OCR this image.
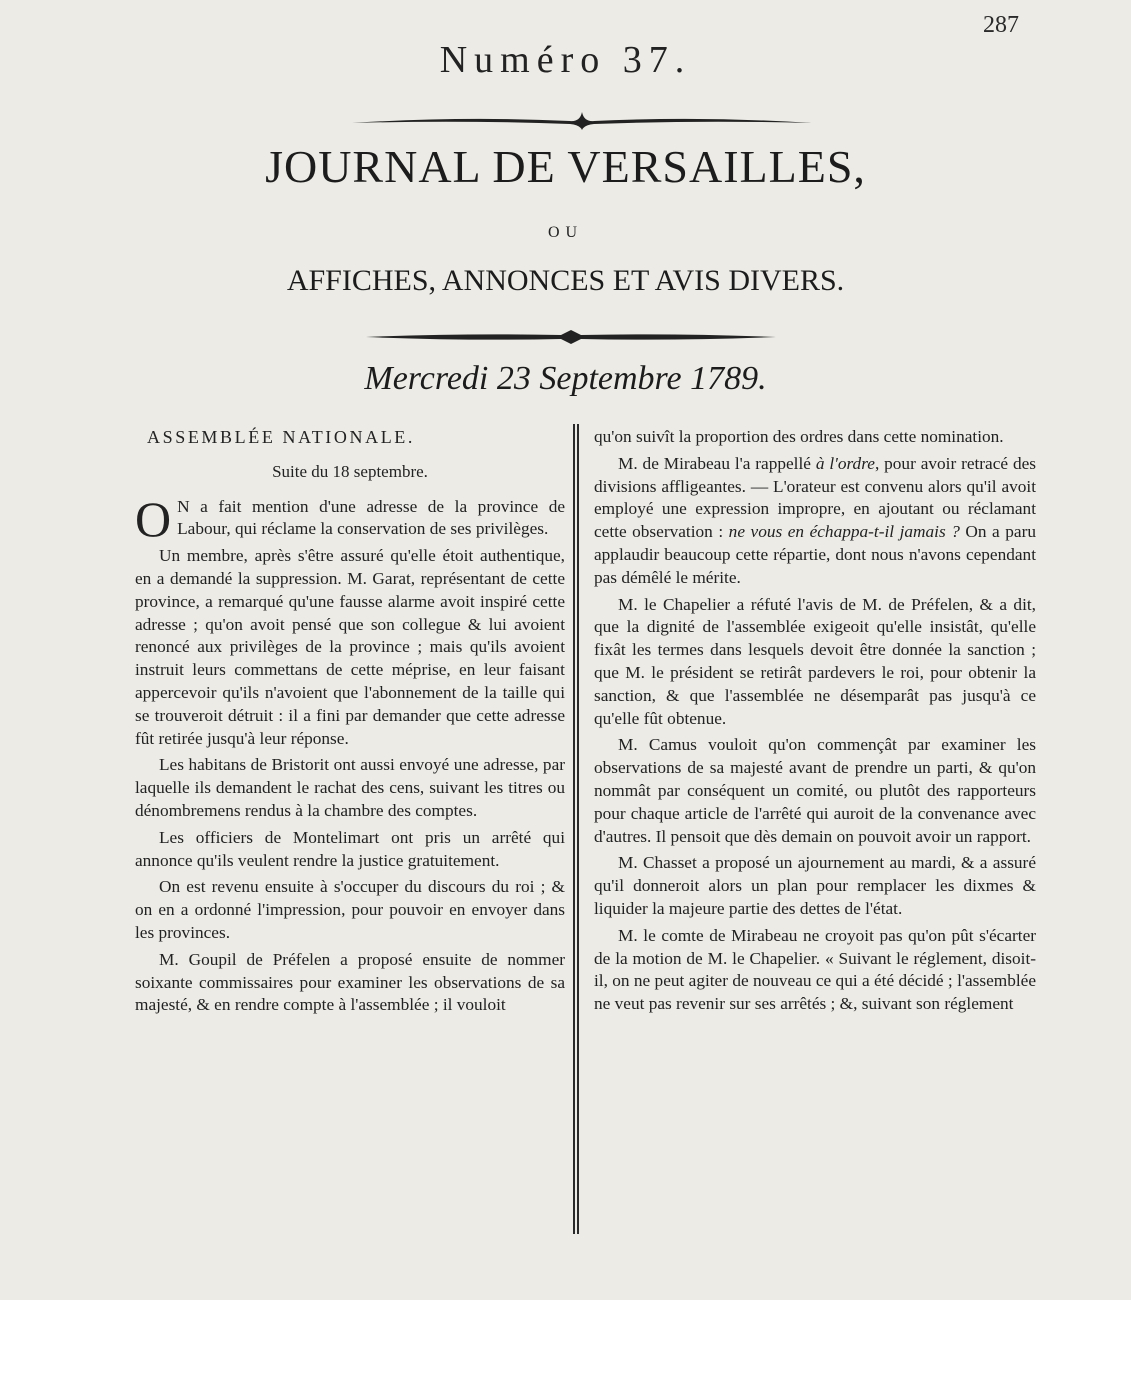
287
Numéro 37.
JOURNAL DE VERSAILLES,
OU
AFFICHES, ANNONCES ET AVIS DIVERS.
Mercredi 23 Septembre 1789.
ASSEMBLÉE NATIONALE.
Suite du 18 septembre.

O N a fait mention d'une adresse de la province de Labour, qui réclame la conservation de ses privilèges.

Un membre, après s'être assuré qu'elle étoit authentique, en a demandé la suppression. M. Garat, représentant de cette province, a remarqué qu'une fausse alarme avoit inspiré cette adresse ; qu'on avoit pensé que son collegue & lui avoient renoncé aux privilèges de la province ; mais qu'ils avoient instruit leurs commettans de cette méprise, en leur faisant appercevoir qu'ils n'avoient que l'abonnement de la taille qui se trouveroit détruit : il a fini par demander que cette adresse fût retirée jusqu'à leur réponse.

Les habitans de Bristorit ont aussi envoyé une adresse, par laquelle ils demandent le rachat des cens, suivant les titres ou dénombremens rendus à la chambre des comptes.

Les officiers de Montelimart ont pris un arrêté qui annonce qu'ils veulent rendre la justice gratuitement.

On est revenu ensuite à s'occuper du discours du roi ; & on en a ordonné l'impression, pour pouvoir en envoyer dans les provinces.

M. Goupil de Préfelen a proposé ensuite de nommer soixante commissaires pour examiner les observations de sa majesté, & en rendre compte à l'assemblée ; il vouloit

qu'on suivît la proportion des ordres dans cette nomination.

M. de Mirabeau l'a rappellé à l'ordre, pour avoir retracé des divisions affligeantes. — L'orateur est convenu alors qu'il avoit employé une expression impropre, en ajoutant ou réclamant cette observation : ne vous en échappa-t-il jamais ? On a paru applaudir beaucoup cette répartie, dont nous n'avons cependant pas démêlé le mérite.

M. le Chapelier a réfuté l'avis de M. de Préfelen, & a dit, que la dignité de l'assemblée exigeoit qu'elle insistât, qu'elle fixât les termes dans lesquels devoit être donnée la sanction ; que M. le président se retirât pardevers le roi, pour obtenir la sanction, & que l'assemblée ne désemparât pas jusqu'à ce qu'elle fût obtenue.

M. Camus vouloit qu'on commençât par examiner les observations de sa majesté avant de prendre un parti, & qu'on nommât par conséquent un comité, ou plutôt des rapporteurs pour chaque article de l'arrêté qui auroit de la convenance avec d'autres. Il pensoit que dès demain on pouvoit avoir un rapport.

M. Chasset a proposé un ajournement au mardi, & a assuré qu'il donneroit alors un plan pour remplacer les dixmes & liquider la majeure partie des dettes de l'état.

M. le comte de Mirabeau ne croyoit pas qu'on pût s'écarter de la motion de M. le Chapelier. « Suivant le réglement, disoit-il, on ne peut agiter de nouveau ce qui a été décidé ; l'assemblée ne veut pas revenir sur ses arrêtés ; &, suivant son réglement
